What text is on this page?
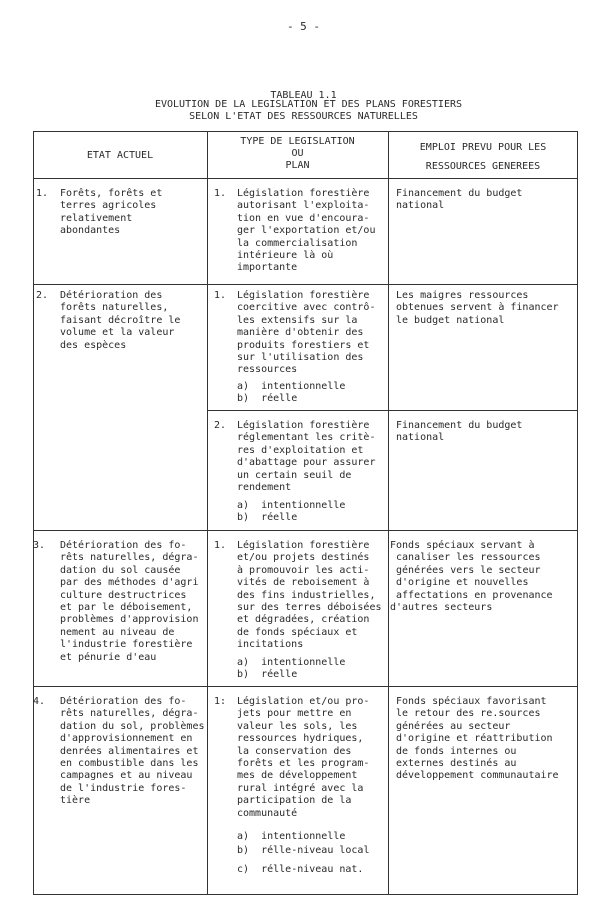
- 5 -
TABLEAU 1.1
EVOLUTION DE LA LEGISLATION ET DES PLANS FORESTIERS
SELON L'ETAT DES RESSOURCES NATURELLES
ETAT ACTUEL
TYPE DE LEGISLATION
OU
PLAN
EMPLOI PREVU POUR LES
RESSOURCES GENEREES
1. Forêts, forêts et
terres agricoles
relativement
abondantes
1. Législation forestière
autorisant l'exploita-
tion en vue d'encoura-
ger l'exportation et/ou
la commercialisation
intérieure là où
importante
Financement du budget
national
2. Détérioration des
forêts naturelles,
faisant décroître le
volume et la valeur
des espèces
1. Législation forestière
coercitive avec contrô-
les extensifs sur la
manière d'obtenir des
produits forestiers et
sur l'utilisation des
ressources
a) intentionnelle
b) réelle
Les maigres ressources
obtenues servent à financer
le budget national
2. Législation forestière
réglementant les critè-
res d'exploitation et
d'abattage pour assurer
un certain seuil de
rendement
a) intentionnelle
b) réelle
Financement du budget
national
3. Détérioration des fo-
rêts naturelles, dégra-
dation du sol causée
par des méthodes d'agri
culture destructrices
et par le déboisement,
problèmes d'approvision
nement au niveau de
l'industrie forestière
et pénurie d'eau
1. Législation forestière
et/ou projets destinés
à promouvoir les acti-
vités de reboisement à
des fins industrielles,
sur des terres déboisées
et dégradées, création
de fonds spéciaux et
incitations
a) intentionnelle
b) réelle
Fonds spéciaux servant à
canaliser les ressources
générées vers le secteur
d'origine et nouvelles
affectations en provenance
d'autres secteurs
4. Détérioration des fo-
rêts naturelles, dégra-
dation du sol, problèmes
d'approvisionnement en
denrées alimentaires et
en combustible dans les
campagnes et au niveau
de l'industrie fores-
tière
1: Législation et/ou pro-
jets pour mettre en
valeur les sols, les
ressources hydriques,
la conservation des
forêts et les program-
mes de développement
rural intégré avec la
participation de la
communauté
a) intentionnelle
b) rélle-niveau local
c) rélle-niveau nat.
Fonds spéciaux favorisant
le retour des re.sources
générées au secteur
d'origine et réattribution
de fonds internes ou
externes destinés au
développement communautaire
